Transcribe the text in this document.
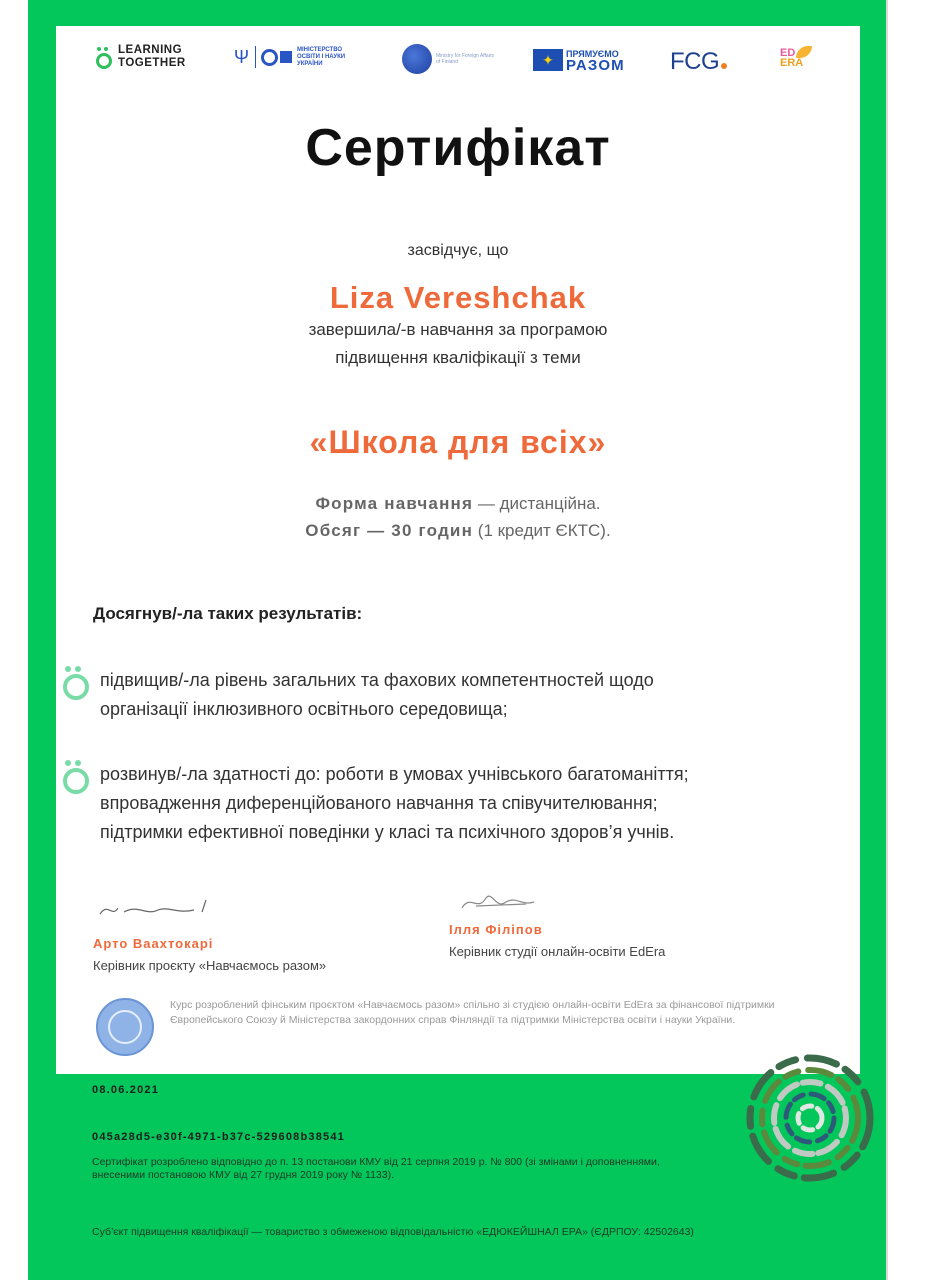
LEARNING
TOGETHER	Ψ	МІНІСТЕРСТВО ОСВІТИ І НАУКИ УКРАЇНИ
Ministry for Foreign Affairs of Finland	✦	ПРЯМУЄМО
РАЗОМ FCG	ED
ERA
Сертифікат
засвідчує, що
Liza Vereshchak
завершила/-в навчання за програмою
підвищення кваліфікації з теми
«Школа для всіх»
Форма навчання — дистанційна.
Обсяг — 30 годин (1 кредит ЄКТС).
Досягнув/-ла таких результатів:
підвищив/-ла рівень загальних та фахових компетентностей щодо
організації інклюзивного освітнього середовища;
розвинув/-ла здатності до: роботи в умовах учнівського багатоманіття;
впровадження диференційованого навчання та співучителювання;
підтримки ефективної поведінки у класі та психічного здоров’я учнів.
Арто Ваахтокарі
Керівник проєкту «Навчаємось разом»
Ілля Філіпов
Керівник студії онлайн-освіти EdEra
Курс розроблений фінським проєктом «Навчаємось разом» спільно зі студією онлайн-освіти EdEra за фінансової підтримки Європейського Союзу й Міністерства закордонних справ Фінляндії та підтримки Міністерства освіти і науки України.
08.06.2021
045a28d5-e30f-4971-b37c-529608b38541
Сертифікат розроблено відповідно до п. 13 постанови КМУ від 21 серпня 2019 р. № 800 (зі змінами і доповненнями, внесеними постановою КМУ від 27 грудня 2019 року № 1133).
Суб’єкт підвищення кваліфікації — товариство з обмеженою відповідальністю «ЕДЮКЕЙШНАЛ ЕРА» (ЄДРПОУ: 42502643)
